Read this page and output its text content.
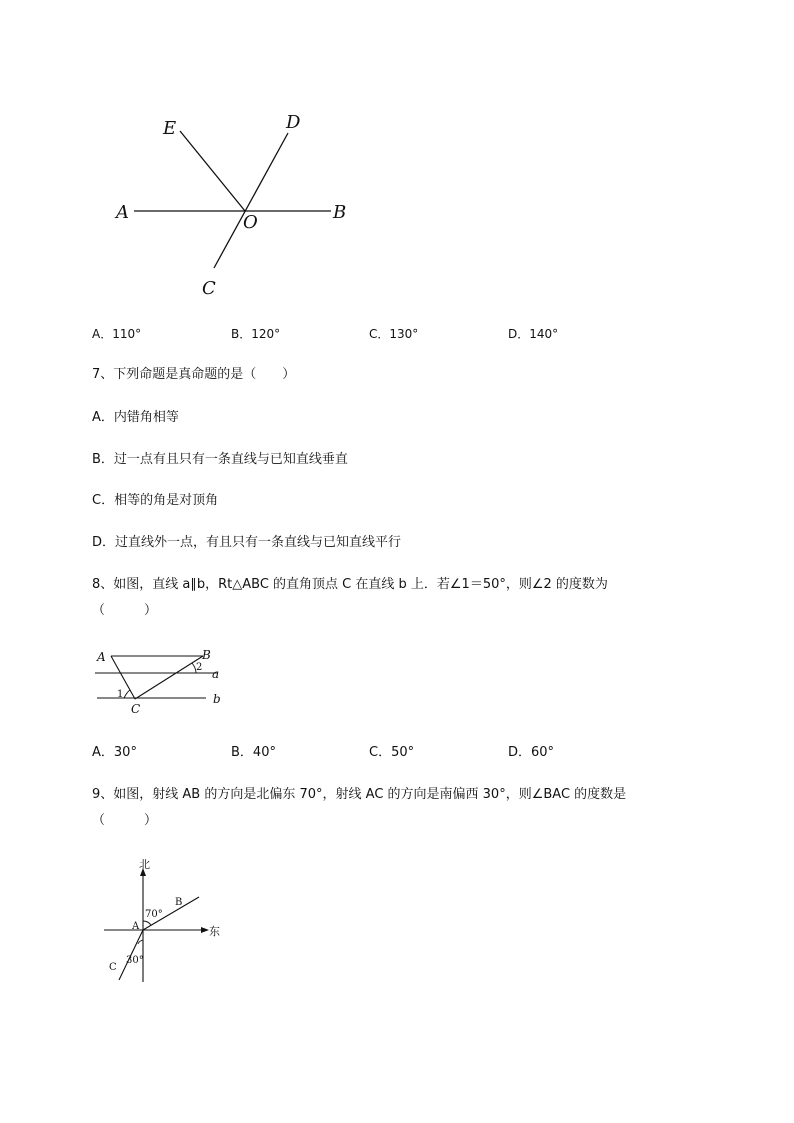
E	D
A	O	B
C
A．110°	B．120°	C．130°	D．140°
7、下列命题是真命题的是（　　）
A．内错角相等
B．过一点有且只有一条直线与已知直线垂直
C．相等的角是对顶角
D．过直线外一点，有且只有一条直线与已知直线平行
8、如图，直线 a∥b，Rt△ABC 的直角顶点 C 在直线 b 上．若∠1＝50°，则∠2 的度数为
（　　　）
A	B
C
a
b
1
2
A．30°	B．40°	C．50°	D．60°
9、如图，射线 AB 的方向是北偏东 70°，射线 AC 的方向是南偏西 30°，则∠BAC 的度数是
（　　　）
北
东
A
B
C
70°
30°
